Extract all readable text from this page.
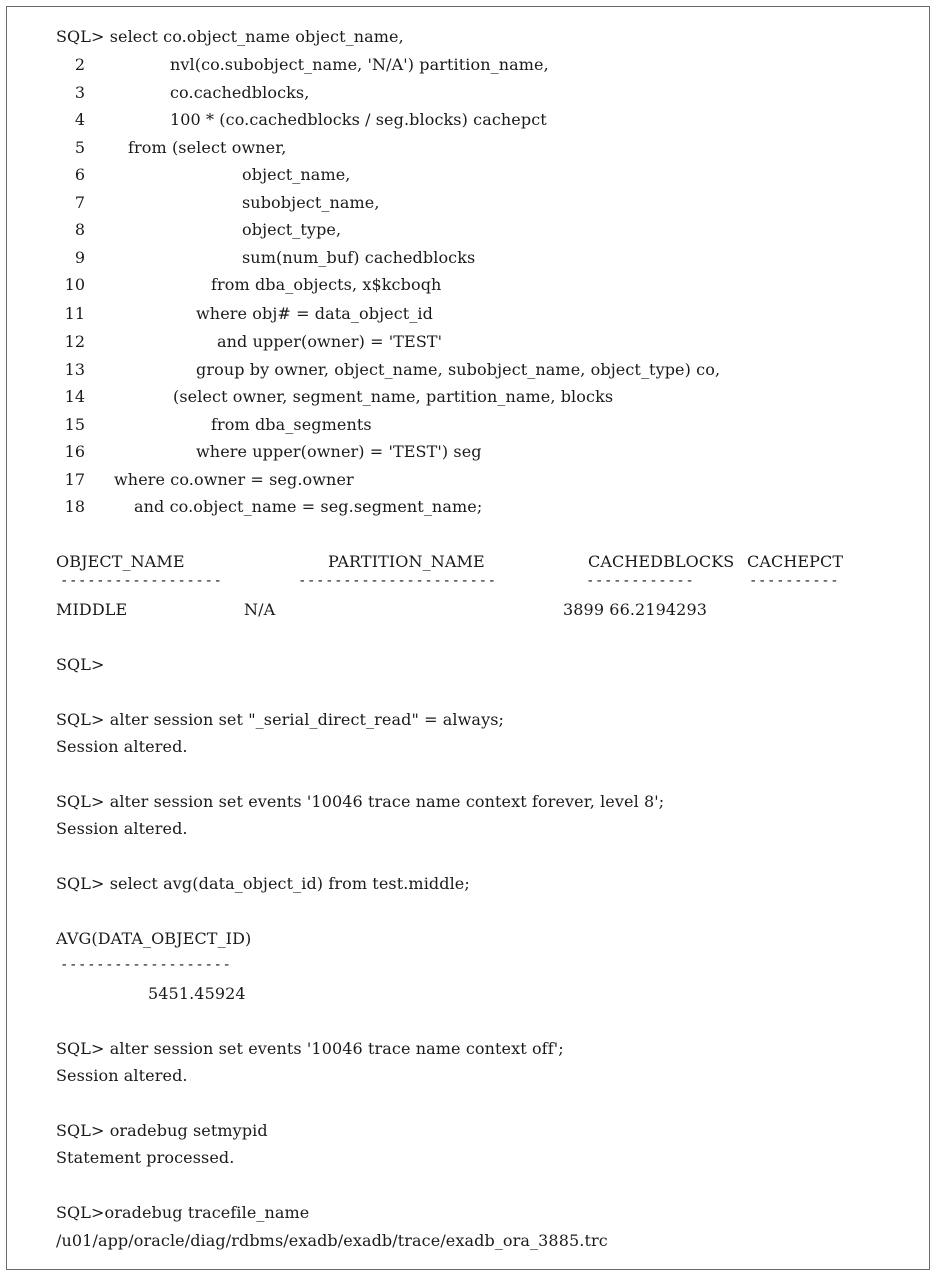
SQL> select co.object_name object_name,
2	nvl(co.subobject_name, 'N/A') partition_name,
3	co.cachedblocks,
4	100 * (co.cachedblocks / seg.blocks) cachepct
5	from (select owner,
6	object_name,
7	subobject_name,
8	object_type,
9	sum(num_buf) cachedblocks
10	from dba_objects, x$kcboqh
11	where obj# = data_object_id
12	and upper(owner) = 'TEST'
13	group by owner, object_name, subobject_name, object_type) co,
14	(select owner, segment_name, partition_name, blocks
15	from dba_segments
16	where upper(owner) = 'TEST') seg
17 where co.owner = seg.owner
18	and co.object_name = seg.segment_name;
OBJECT_NAME	PARTITION_NAME	CACHEDBLOCKS CACHEPCT
------------------	----------------------	------------	----------
MIDDLE	N/A	3899 66.2194293
SQL>
SQL> alter session set "_serial_direct_read" = always;
Session altered.
SQL> alter session set events '10046 trace name context forever, level 8';
Session altered.
SQL> select avg(data_object_id) from test.middle;
AVG(DATA_OBJECT_ID)
-------------------
5451.45924
SQL> alter session set events '10046 trace name context off';
Session altered.
SQL> oradebug setmypid
Statement processed.
SQL>oradebug tracefile_name
/u01/app/oracle/diag/rdbms/exadb/exadb/trace/exadb_ora_3885.trc
